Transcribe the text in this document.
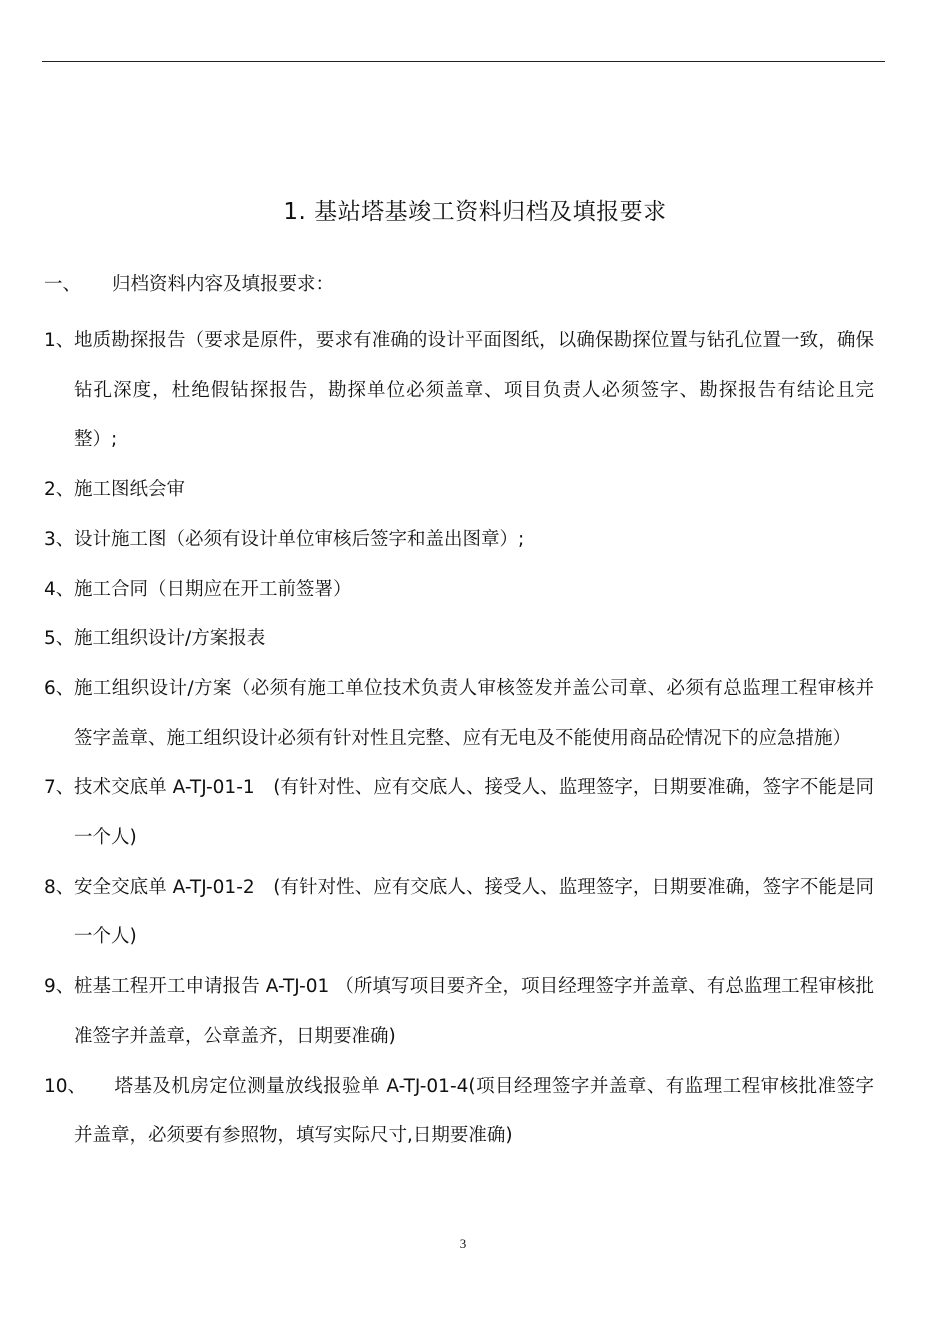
1. 基站塔基竣工资料归档及填报要求
一、 归档资料内容及填报要求：
1、 地质勘探报告（要求是原件，要求有准确的设计平面图纸，以确保勘探位置与钻孔位置一致，确保钻孔深度，杜绝假钻探报告，勘探单位必须盖章、项目负责人必须签字、勘探报告有结论且完整）;
2、 施工图纸会审
3、 设计施工图（必须有设计单位审核后签字和盖出图章）;
4、 施工合同（日期应在开工前签署）
5、 施工组织设计/方案报表
6、 施工组织设计/方案（必须有施工单位技术负责人审核签发并盖公司章、必须有总监理工程审核并签字盖章、施工组织设计必须有针对性且完整、应有无电及不能使用商品砼情况下的应急措施）
7、 技术交底单 A-TJ-01-1　(有针对性、应有交底人、接受人、监理签字，日期要准确，签字不能是同一个人)
8、 安全交底单 A-TJ-01-2　(有针对性、应有交底人、接受人、监理签字，日期要准确，签字不能是同一个人)
9、 桩基工程开工申请报告 A-TJ-01 （所填写项目要齐全，项目经理签字并盖章、有总监理工程审核批准签字并盖章，公章盖齐，日期要准确)
10、 塔基及机房定位测量放线报验单 A-TJ-01-4(项目经理签字并盖章、有监理工程审核批准签字并盖章，必须要有参照物，填写实际尺寸,日期要准确)
3
